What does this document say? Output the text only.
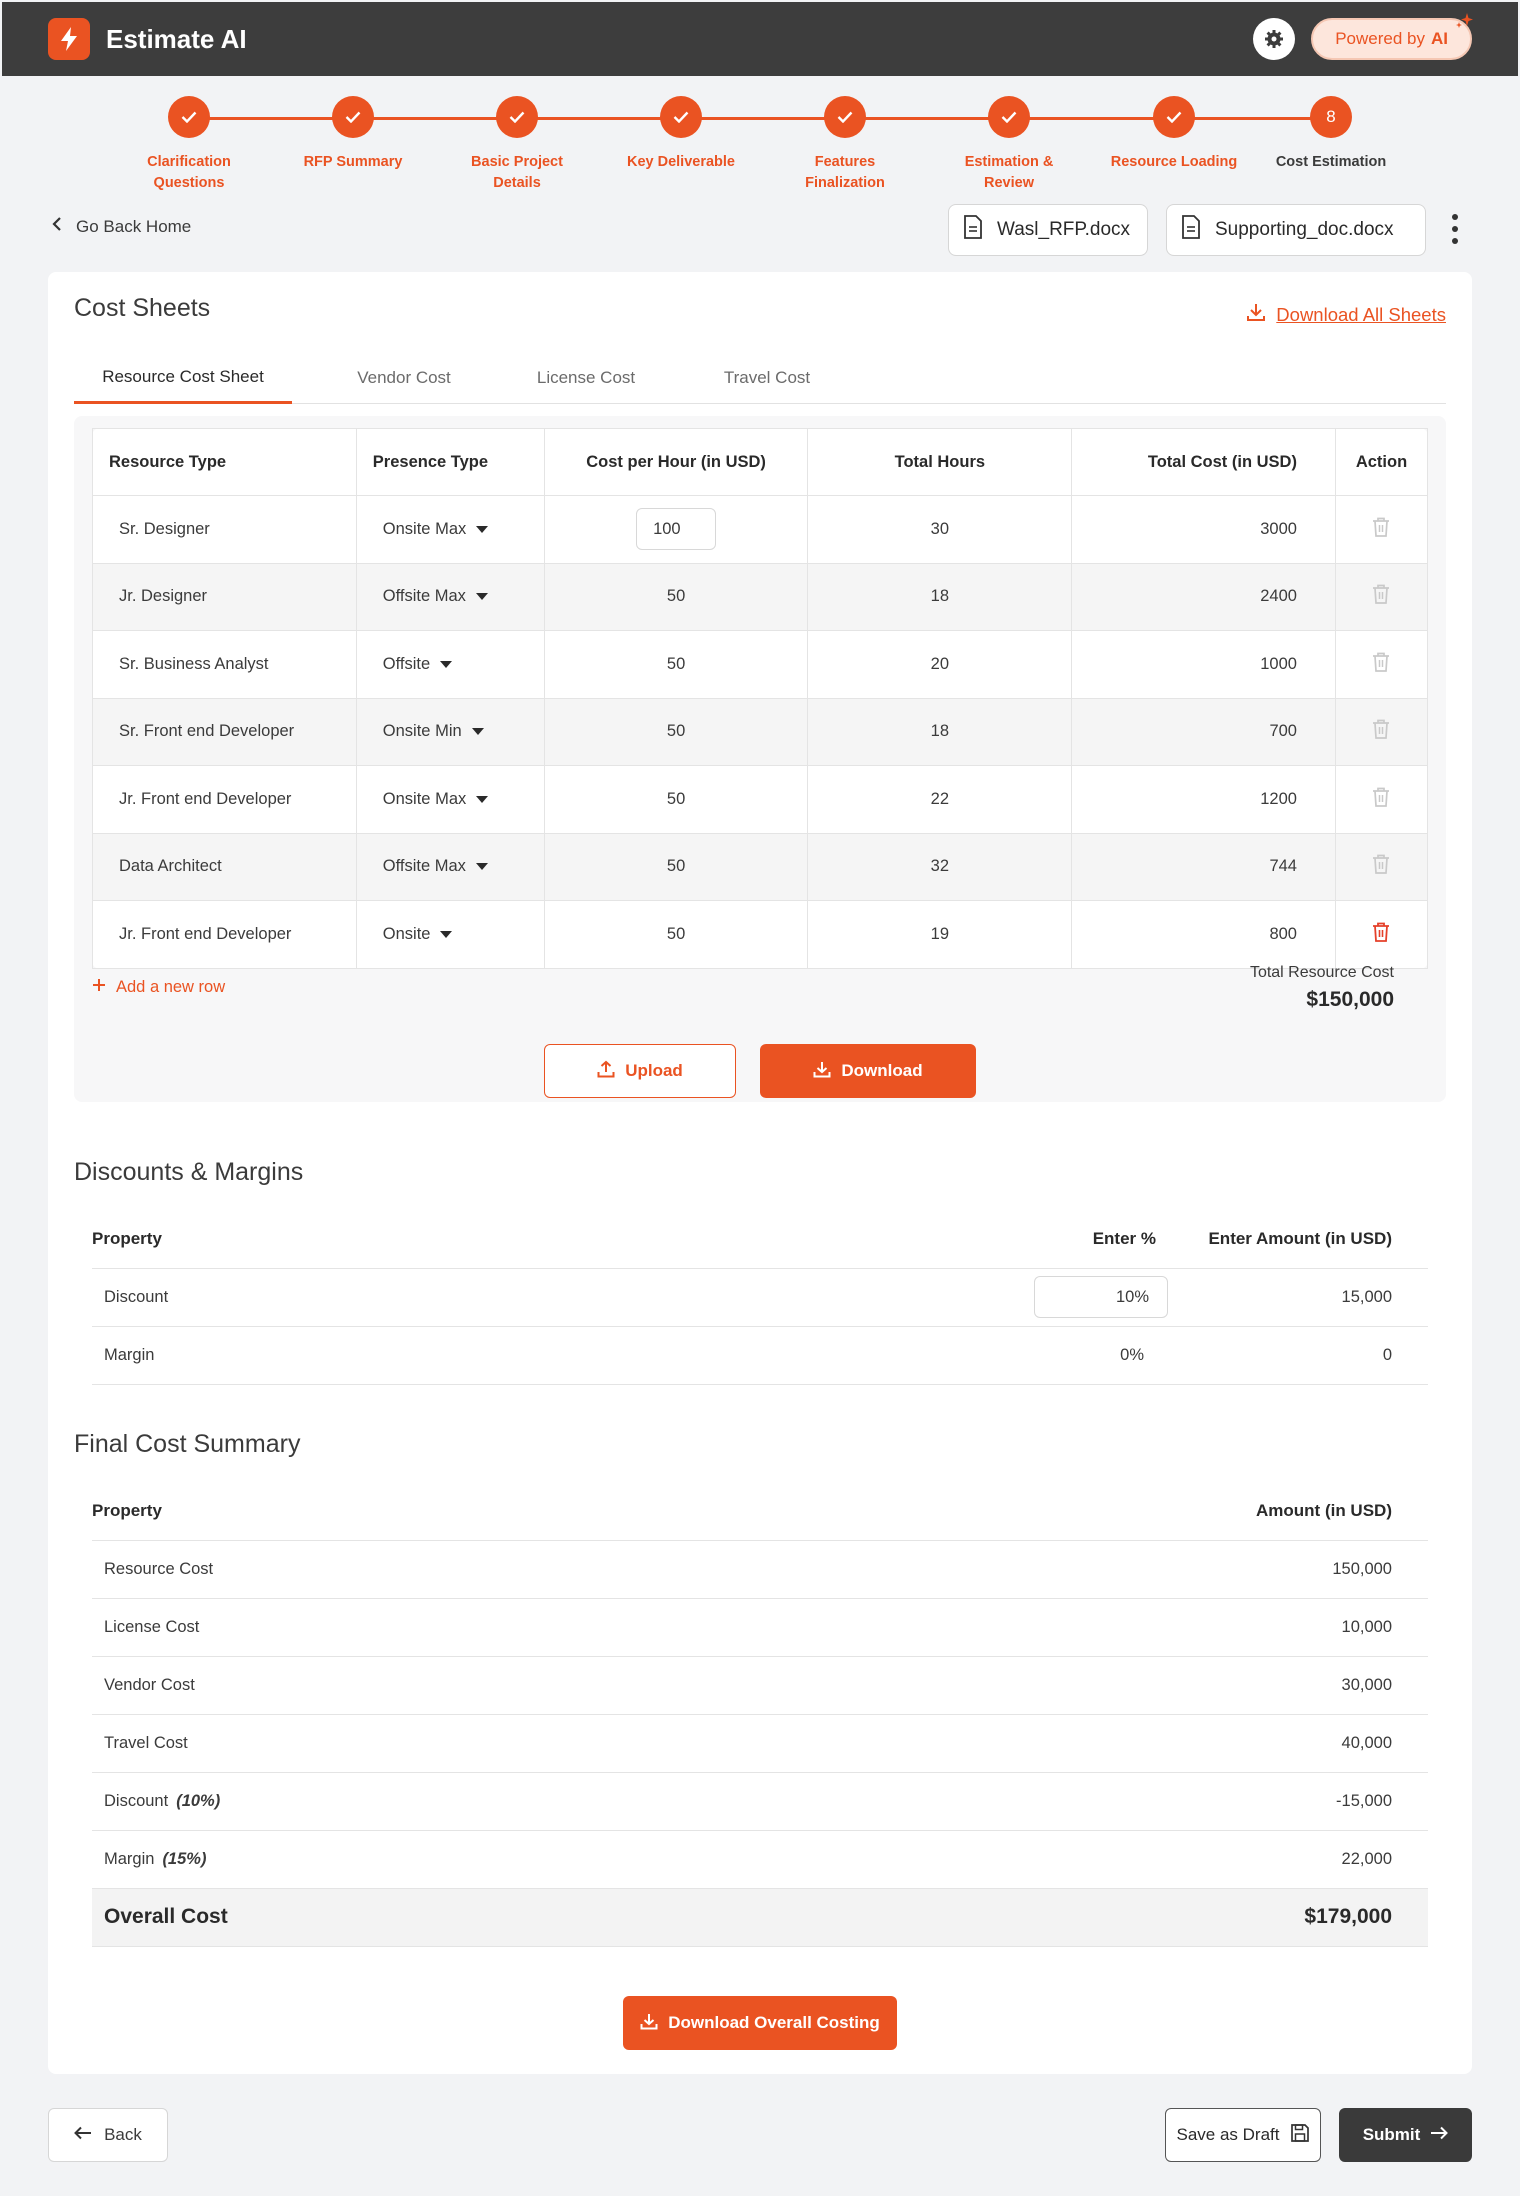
Estimate AI	Powered by AI
Clarification
Questions
RFP Summary	Basic Project
Details
Key Deliverable	Features
Finalization
Estimation &
Review
Resource Loading
8
Cost Estimation
Go Back Home	Wasl_RFP.docx	Supporting_doc.docx
Cost Sheets	Download All Sheets
Resource Cost Sheet	Vendor Cost	License Cost	Travel Cost
Resource Type	Presence Type	Cost per Hour (in USD)	Total Hours	Total Cost (in USD)	Action
Sr. Designer	Onsite Max	100	30	3000	
Jr. Designer	Offsite Max	50	18	2400	
Sr. Business Analyst	Offsite	50	20	1000	
Sr. Front end Developer	Onsite Min	50	18	700	
Jr. Front end Developer	Onsite Max	50	22	1200	
Data Architect	Offsite Max	50	32	744	
Jr. Front end Developer	Onsite	50	19	800	
Add a new row
Total Resource Cost
$150,000
Upload	Download
Discounts & Margins
Property	Enter %	Enter Amount (in USD)
Discount	10%	15,000
Margin	0%	0
Final Cost Summary
Property	Amount (in USD)
Resource Cost	150,000
License Cost	10,000
Vendor Cost	30,000
Travel Cost	40,000
Discount (10%)	-15,000
Margin (15%)	22,000
Overall Cost	$179,000
Download Overall Costing
Back	Save as Draft	Submit
